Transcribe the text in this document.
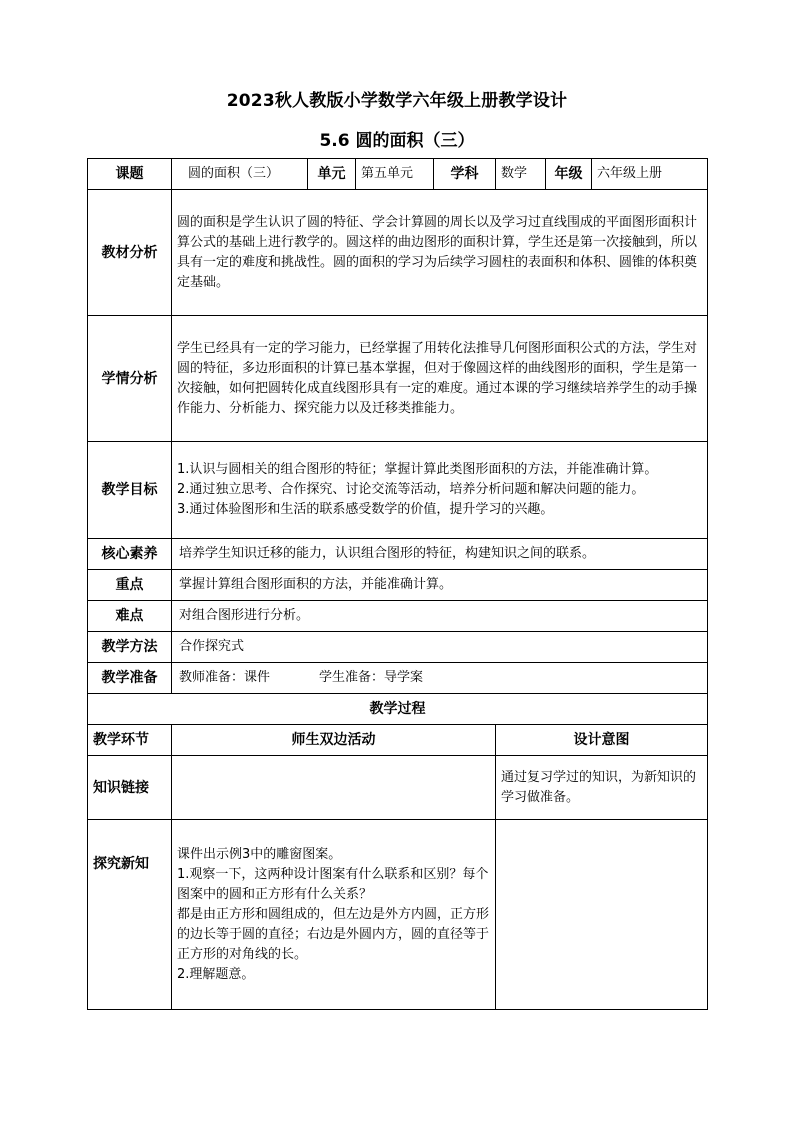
2023秋人教版小学数学六年级上册教学设计
5.6 圆的面积（三）
课题	圆的面积（三）	单元	第五单元	学科	数学	年级	六年级上册
教材分析	圆的面积是学生认识了圆的特征、学会计算圆的周长以及学习过直线围成的平面图形面积计算公式的基础上进行教学的。圆这样的曲边图形的面积计算，学生还是第一次接触到，所以具有一定的难度和挑战性。圆的面积的学习为后续学习圆柱的表面积和体积、圆锥的体积奠定基础。						
学情分析	学生已经具有一定的学习能力，已经掌握了用转化法推导几何图形面积公式的方法，学生对圆的特征，多边形面积的计算已基本掌握，但对于像圆这样的曲线图形的面积，学生是第一次接触，如何把圆转化成直线图形具有一定的难度。通过本课的学习继续培养学生的动手操作能力、分析能力、探究能力以及迁移类推能力。						
教学目标	1.认识与圆相关的组合图形的特征；掌握计算此类图形面积的方法，并能准确计算。
2.通过独立思考、合作探究、讨论交流等活动，培养分析问题和解决问题的能力。
3.通过体验图形和生活的联系感受数学的价值，提升学习的兴趣。						

核心素养	培养学生知识迁移的能力，认识组合图形的特征，构建知识之间的联系。						
重点	掌握计算组合图形面积的方法，并能准确计算。						
难点	对组合图形进行分析。						
教学方法	合作探究式						
教学准备	教师准备：课件 学生准备：导学案						
教学过程							
教学环节	师生双边活动				设计意图		
知识链接					通过复习学过的知识，为新知识的学习做准备。		
探究新知	课件出示例3中的雕窗图案。
1.观察一下，这两种设计图案有什么联系和区别？每个图案中的圆和正方形有什么关系？
都是由正方形和圆组成的，但左边是外方内圆，正方形的边长等于圆的直径；右边是外圆内方，圆的直径等于正方形的对角线的长。
2.理解题意。						
